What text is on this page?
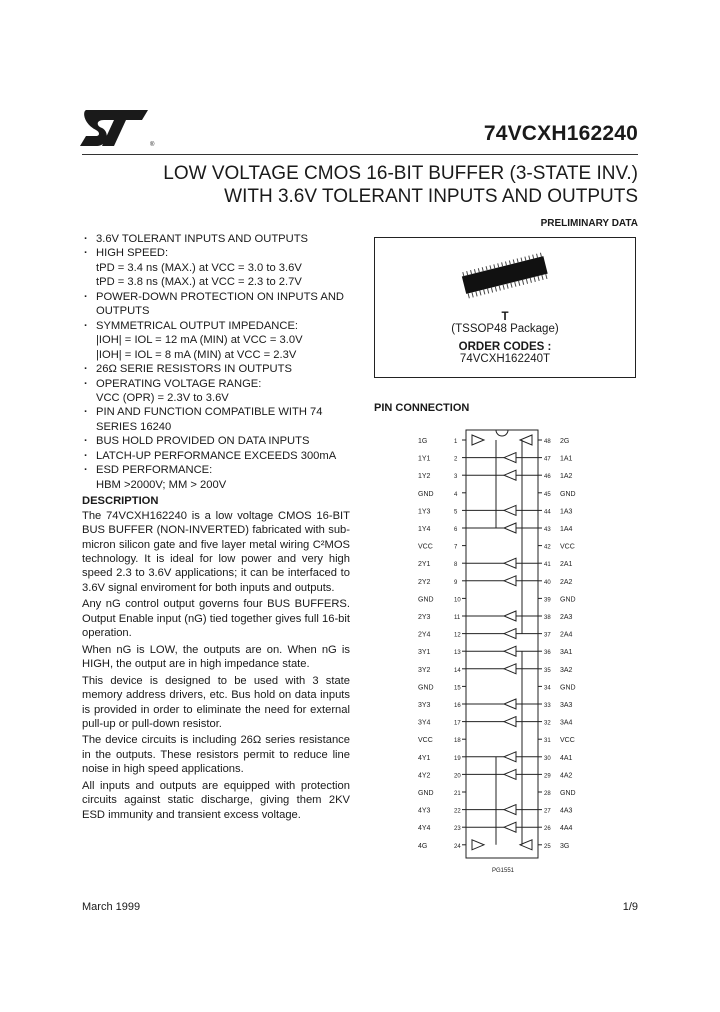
®	74VCXH162240
LOW VOLTAGE CMOS 16-BIT BUFFER (3-STATE INV.)
WITH 3.6V TOLERANT INPUTS AND OUTPUTS
PRELIMINARY DATA
· 3.6V TOLERANT INPUTS AND OUTPUTS
· HIGH SPEED:
tPD = 3.4 ns (MAX.) at VCC = 3.0 to 3.6V
tPD = 3.8 ns (MAX.) at VCC = 2.3 to 2.7V
· POWER-DOWN PROTECTION ON INPUTS AND OUTPUTS
· SYMMETRICAL OUTPUT IMPEDANCE:
|IOH| = IOL = 12 mA (MIN) at VCC = 3.0V
|IOH| = IOL = 8 mA (MIN) at VCC = 2.3V
· 26Ω SERIE RESISTORS IN OUTPUTS
· OPERATING VOLTAGE RANGE:
VCC (OPR) = 2.3V to 3.6V
· PIN AND FUNCTION COMPATIBLE WITH 74 SERIES 16240
· BUS HOLD PROVIDED ON DATA INPUTS
· LATCH-UP PERFORMANCE EXCEEDS 300mA
· ESD PERFORMANCE:
HBM >2000V; MM > 200V
DESCRIPTION

The 74VCXH162240 is a low voltage CMOS 16-BIT BUS BUFFER (NON-INVERTED) fabricated with sub-micron silicon gate and five layer metal wiring C²MOS technology. It is ideal for low power and very high speed 2.3 to 3.6V applications; it can be interfaced to 3.6V signal enviroment for both inputs and outputs.

Any nG control output governs four BUS BUFFERS. Output Enable input (nG) tied together gives full 16-bit operation.

When nG is LOW, the outputs are on. When nG is HIGH, the output are in high impedance state.

This device is designed to be used with 3 state memory address drivers, etc. Bus hold on data inputs is provided in order to eliminate the need for external pull-up or pull-down resistor.

The device circuits is including 26Ω series resistance in the outputs. These resistors permit to reduce line noise in high speed applications.

All inputs and outputs are equipped with protection circuits against static discharge, giving them 2KV ESD immunity and transient excess voltage.

T
(TSSOP48 Package)
ORDER CODES :
74VCXH162240T
PIN CONNECTION
1G	1	48 2G
1Y1	2	47 1A1
1Y2	3	46 1A2
GND	4	45 GND
1Y3	5	44 1A3
1Y4	6	43 1A4
VCC	7	42 VCC
2Y1	8	41 2A1
2Y2	9	40 2A2
GND	10	39 GND
2Y3	11	38 2A3
2Y4	12	37 2A4
3Y1	13	36 3A1
3Y2	14	35 3A2
GND	15	34 GND
3Y3	16	33 3A3
3Y4	17	32 3A4
VCC	18	31 VCC
4Y1	19	30 4A1
4Y2	20	29 4A2
GND	21	28 GND
4Y3	22	27 4A3
4Y4	23	26 4A4
4G	24	25 3G
PG1551
March 1999	1/9
